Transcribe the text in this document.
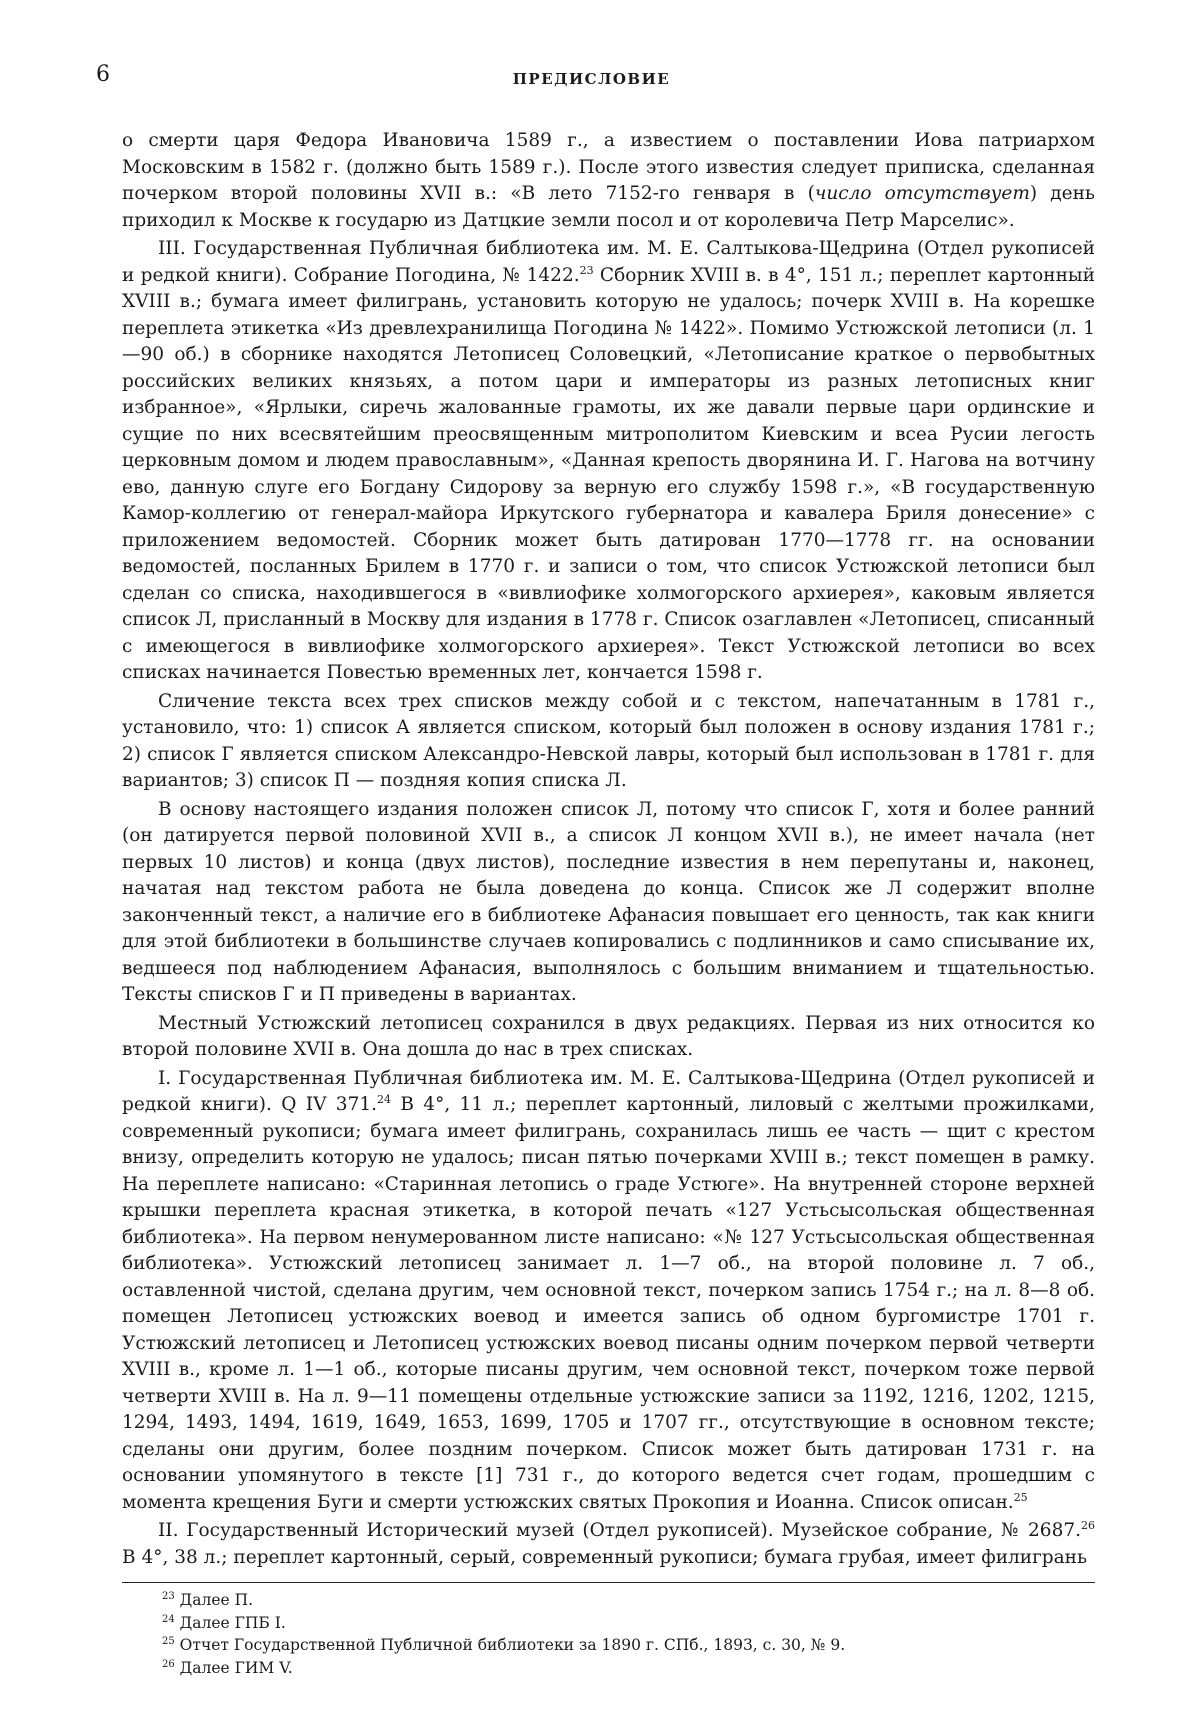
6	ПРЕДИСЛОВИЕ

о смерти царя Федора Ивановича 1589 г., а известием о поставлении Иова патриархом Московским в 1582 г. (должно быть 1589 г.). После этого известия следует приписка, сделанная почерком второй половины XVII в.: «В лето 7152-го генваря в (число отсутствует) день приходил к Москве к государю из Датцкие земли посол и от королевича Петр Марселис».

III. Государственная Публичная библиотека им. М. Е. Салтыкова-Щедрина (Отдел рукописей и редкой книги). Собрание Погодина, № 1422.23 Сборник XVIII в. в 4°, 151 л.; переплет картонный XVIII в.; бумага имеет филигрань, установить которую не удалось; почерк XVIII в. На корешке переплета этикетка «Из древлехранилища Погодина № 1422». Помимо Устюжской летописи (л. 1—90 об.) в сборнике находятся Летописец Соловецкий, «Летописание краткое о первобытных российских великих князьях, а потом цари и императоры из разных летописных книг избранное», «Ярлыки, сиречь жалованные грамоты, их же давали первые цари ординские и сущие по них всесвятейшим преосвященным митрополитом Киевским и всеа Русии легость церковным домом и людем православным», «Данная крепость дворянина И. Г. Нагова на вотчину ево, данную слуге его Богдану Сидорову за верную его службу 1598 г.», «В государственную Камор-коллегию от генерал-майора Иркутского губернатора и кавалера Бриля донесение» с приложением ведомостей. Сборник может быть датирован 1770—1778 гг. на основании ведомостей, посланных Брилем в 1770 г. и записи о том, что список Устюжской летописи был сделан со списка, находившегося в «вивлиофике холмогорского архиерея», каковым является список Л, присланный в Москву для издания в 1778 г. Список озаглавлен «Летописец, списанный с имеющегося в вивлиофике холмогорского архиерея». Текст Устюжской летописи во всех списках начинается Повестью временных лет, кончается 1598 г.

Сличение текста всех трех списков между собой и с текстом, напечатанным в 1781 г., установило, что: 1) список А является списком, который был положен в основу издания 1781 г.; 2) список Г является списком Александро-Невской лавры, который был использован в 1781 г. для вариантов; 3) список П — поздняя копия списка Л.

В основу настоящего издания положен список Л, потому что список Г, хотя и более ранний (он датируется первой половиной XVII в., а список Л концом XVII в.), не имеет начала (нет первых 10 листов) и конца (двух листов), последние известия в нем перепутаны и, наконец, начатая над текстом работа не была доведена до конца. Список же Л содержит вполне законченный текст, а наличие его в библиотеке Афанасия повышает его ценность, так как книги для этой библиотеки в большинстве случаев копировались с подлинников и само списывание их, ведшееся под наблюдением Афанасия, выполнялось с большим вниманием и тщательностью. Тексты списков Г и П приведены в вариантах.

Местный Устюжский летописец сохранился в двух редакциях. Первая из них относится ко второй половине XVII в. Она дошла до нас в трех списках.

I. Государственная Публичная библиотека им. М. Е. Салтыкова-Щедрина (Отдел рукописей и редкой книги). Q IV 371.24 В 4°, 11 л.; переплет картонный, лиловый с желтыми прожилками, современный рукописи; бумага имеет филигрань, сохранилась лишь ее часть — щит с крестом внизу, определить которую не удалось; писан пятью почерками XVIII в.; текст помещен в рамку. На переплете написано: «Старинная летопись о граде Устюге». На внутренней стороне верхней крышки переплета красная этикетка, в которой печать «127 Устьсысольская общественная библиотека». На первом ненумерованном листе написано: «№ 127 Устьсысольская общественная библиотека». Устюжский летописец занимает л. 1—7 об., на второй половине л. 7 об., оставленной чистой, сделана другим, чем основной текст, почерком запись 1754 г.; на л. 8—8 об. помещен Летописец устюжских воевод и имеется запись об одном бургомистре 1701 г. Устюжский летописец и Летописец устюжских воевод писаны одним почерком первой четверти XVIII в., кроме л. 1—1 об., которые писаны другим, чем основной текст, почерком тоже первой четверти XVIII в. На л. 9—11 помещены отдельные устюжские записи за 1192, 1216, 1202, 1215, 1294, 1493, 1494, 1619, 1649, 1653, 1699, 1705 и 1707 гг., отсутствующие в основном тексте; сделаны они другим, более поздним почерком. Список может быть датирован 1731 г. на основании упомянутого в тексте [1] 731 г., до которого ведется счет годам, прошедшим с момента крещения Буги и смерти устюжских святых Прокопия и Иоанна. Список описан.$^{25}$

II. Государственный Исторический музей (Отдел рукописей). Музейское собрание, № 2687.26 В 4°, 38 л.; переплет картонный, серый, современный рукописи; бумага грубая, имеет филигрань

$^{23}$ Далее П.

$^{24}$ Далее ГПБ I.

$^{25}$ Отчет Государственной Публичной библиотеки за 1890 г. СПб., 1893, с. 30, № 9.

$^{26}$ Далее ГИМ V.
